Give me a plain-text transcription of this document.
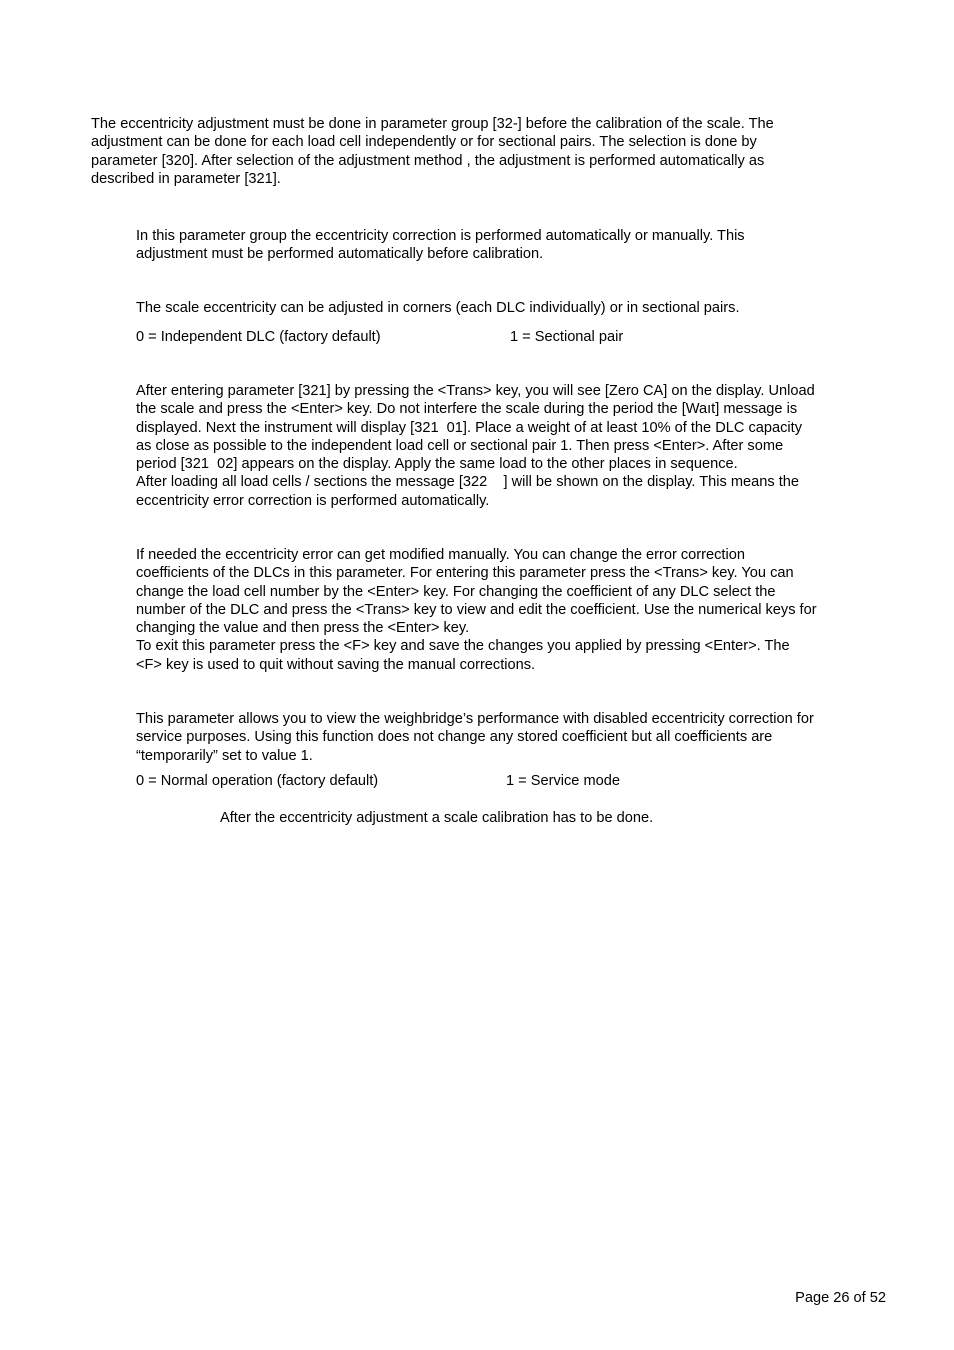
The eccentricity adjustment must be done in parameter group [32-] before the calibration of the scale. The
adjustment can be done for each load cell independently or for sectional pairs. The selection is done by
parameter [320]. After selection of the adjustment method , the adjustment is performed automatically as
described in parameter [321].
In this parameter group the eccentricity correction is performed automatically or manually. This
adjustment must be performed automatically before calibration.
The scale eccentricity can be adjusted in corners (each DLC individually) or in sectional pairs.

0 = Independent DLC (factory default)

	1 = Sectional pair

After entering parameter [321] by pressing the <Trans> key, you will see [Zero CA] on the display. Unload
the scale and press the <Enter> key. Do not interfere the scale during the period the [Waıt] message is
displayed. Next the instrument will display [321  01]. Place a weight of at least 10% of the DLC capacity
as close as possible to the independent load cell or sectional pair 1. Then press <Enter>. After some
period [321  02] appears on the display. Apply the same load to the other places in sequence.
After loading all load cells / sections the message [322    ] will be shown on the display. This means the
eccentricity error correction is performed automatically.
If needed the eccentricity error can get modified manually. You can change the error correction
coefficients of the DLCs in this parameter. For entering this parameter press the <Trans> key. You can
change the load cell number by the <Enter> key. For changing the coefficient of any DLC select the
number of the DLC and press the <Trans> key to view and edit the coefficient. Use the numerical keys for
changing the value and then press the <Enter> key.
To exit this parameter press the <F> key and save the changes you applied by pressing <Enter>. The
<F> key is used to quit without saving the manual corrections.
This parameter allows you to view the weighbridge’s performance with disabled eccentricity correction for
service purposes. Using this function does not change any stored coefficient but all coefficients are
“temporarily” set to value 1.

0 = Normal operation (factory default)

	1 = Service mode

After the eccentricity adjustment a scale calibration has to be done.
Page 26 of 52
